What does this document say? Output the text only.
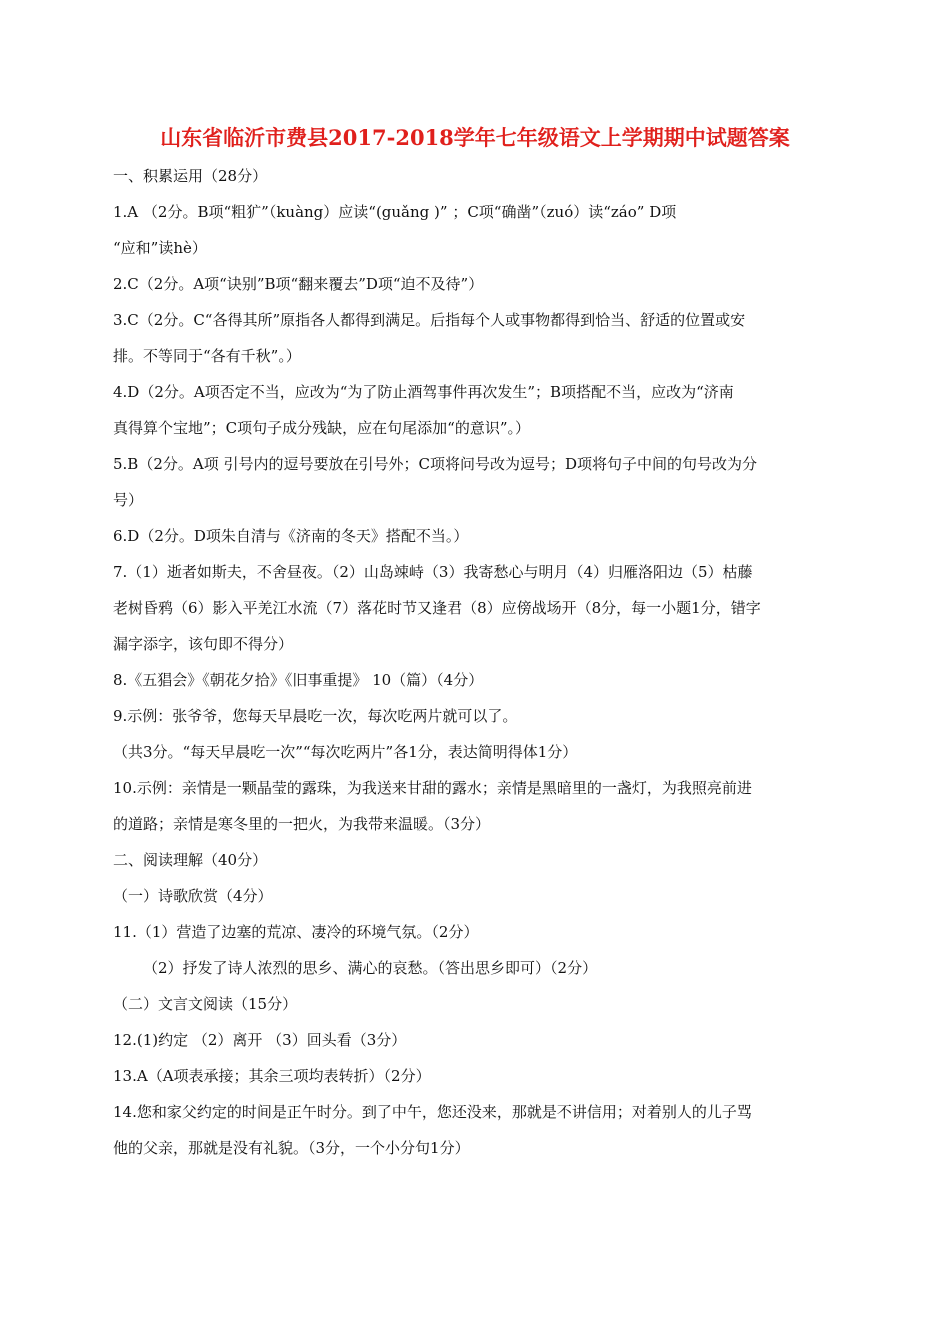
山东省临沂市费县2017-2018学年七年级语文上学期期中试题答案
一、积累运用（28分）
1.A （2分。B项“粗犷”（kuàng）应读“(guǎng )” ；C项“确凿”（zuó）读“záo” D项
“应和”读hè）
2.C（2分。A项“诀别”B项“翻来覆去”D项“迫不及待”）
3.C（2分。C“各得其所”原指各人都得到满足。后指每个人或事物都得到恰当、舒适的位置或安
排。不等同于“各有千秋”。）
4.D（2分。A项否定不当，应改为“为了防止酒驾事件再次发生”；B项搭配不当，应改为“济南
真得算个宝地”；C项句子成分残缺，应在句尾添加“的意识”。）
5.B（2分。A项 引号内的逗号要放在引号外；C项将问号改为逗号；D项将句子中间的句号改为分
号）
6.D（2分。D项朱自清与《济南的冬天》搭配不当。）
7.（1）逝者如斯夫，不舍昼夜。（2）山岛竦峙（3）我寄愁心与明月（4）归雁洛阳边（5）枯藤
老树昏鸦（6）影入平羌江水流（7）落花时节又逢君（8）应傍战场开（8分，每一小题1分，错字
漏字添字，该句即不得分）
8.《五猖会》《朝花夕拾》《旧事重提》 10（篇）（4分）
9.示例：张爷爷，您每天早晨吃一次，每次吃两片就可以了。
（共3分。“每天早晨吃一次”“每次吃两片”各1分，表达简明得体1分）
10.示例：亲情是一颗晶莹的露珠，为我送来甘甜的露水；亲情是黑暗里的一盏灯，为我照亮前进
的道路；亲情是寒冬里的一把火，为我带来温暖。（3分）
二、阅读理解（40分）
（一）诗歌欣赏（4分）
11.（1）营造了边塞的荒凉、凄冷的环境气氛。（2分）
（2）抒发了诗人浓烈的思乡、满心的哀愁。（答出思乡即可）（2分）
（二）文言文阅读（15分）
12.(1)约定 （2）离开 （3）回头看（3分）
13.A（A项表承接；其余三项均表转折）（2分）
14.您和家父约定的时间是正午时分。到了中午，您还没来，那就是不讲信用；对着别人的儿子骂
他的父亲，那就是没有礼貌。（3分，一个小分句1分）
